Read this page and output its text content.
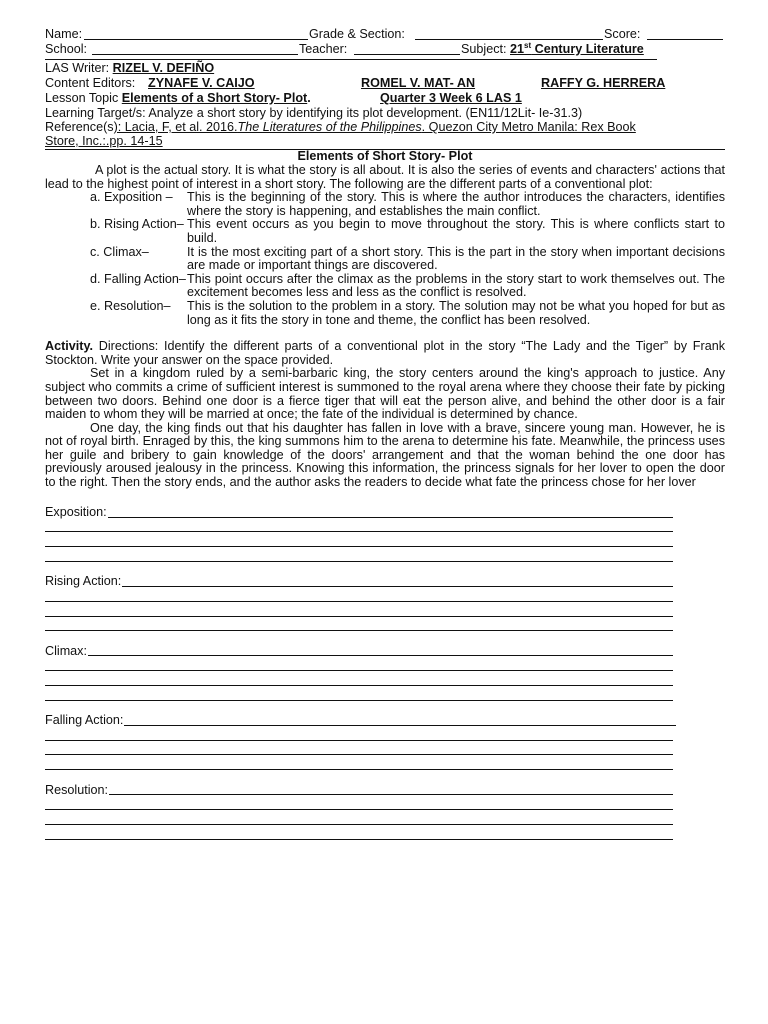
Name:	Grade & Section:	Score:
School:	Teacher:	Subject: 21st Century Literature
LAS Writer: RIZEL V. DEFIÑO
Content Editors: ZYNAFE V. CAIJO	ROMEL V. MAT- AN	RAFFY G. HERRERA
Lesson Topic Elements of a Short Story- Plot.	Quarter 3 Week 6 LAS 1
Learning Target/s: Analyze a short story by identifying its plot development. (EN11/12Lit- Ie-31.3)
Reference(s): Lacia, F, et al. 2016.The Literatures of the Philippines. Quezon City Metro Manila: Rex Book
Store, Inc.:.pp. 14-15
Elements of Short Story- Plot

A plot is the actual story. It is what the story is all about. It is also the series of events and characters' actions that lead to the highest point of interest in a short story. The following are the different parts of a conventional plot:

a. Exposition –	This is the beginning of the story. This is where the author introduces the characters, identifies where the story is happening, and establishes the main conflict.
b. Rising Action– This event occurs as you begin to move throughout the story. This is where conflicts start to build.
c. Climax–	It is the most exciting part of a short story. This is the part in the story when important decisions are made or important things are discovered.
d. Falling Action– This point occurs after the climax as the problems in the story start to work themselves out. The excitement becomes less and less as the conflict is resolved.
e. Resolution–	This is the solution to the problem in a story. The solution may not be what you hoped for but as long as it fits the story in tone and theme, the conflict has been resolved.

Activity. Directions: Identify the different parts of a conventional plot in the story “The Lady and the Tiger” by Frank Stockton. Write your answer on the space provided.

Set in a kingdom ruled by a semi-barbaric king, the story centers around the king's approach to justice. Any subject who commits a crime of sufficient interest is summoned to the royal arena where they choose their fate by picking between two doors. Behind one door is a fierce tiger that will eat the person alive, and behind the other door is a fair maiden to whom they will be married at once; the fate of the individual is determined by chance.

One day, the king finds out that his daughter has fallen in love with a brave, sincere young man. However, he is not of royal birth. Enraged by this, the king summons him to the arena to determine his fate. Meanwhile, the princess uses her guile and bribery to gain knowledge of the doors' arrangement and that the woman behind the one door has previously aroused jealousy in the princess. Knowing this information, the princess signals for her lover to open the door to the right. Then the story ends, and the author asks the readers to decide what fate the princess chose for her lover

Exposition:
Rising Action:
Climax:
Falling Action:
Resolution:
